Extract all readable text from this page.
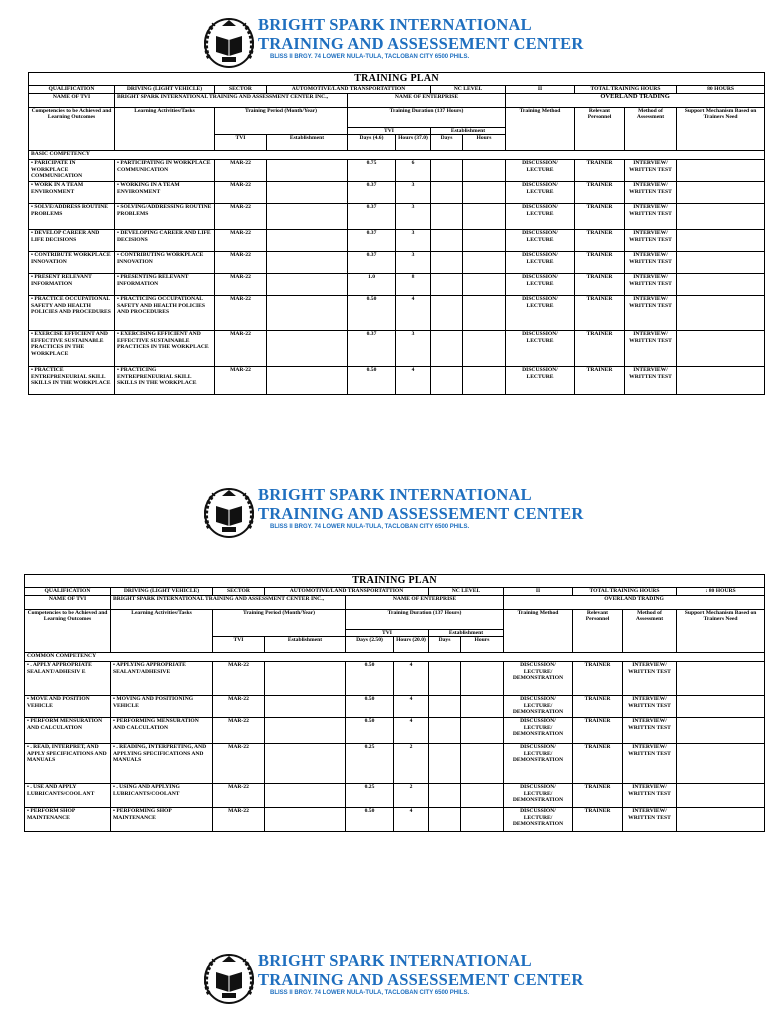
BRIGHT SPARK INTERNATIONAL
TRAINING AND ASSESSEMENT CENTER
BLISS II BRGY. 74 LOWER NULA-TULA, TACLOBAN CITY 6500 PHILS.
TRAINING PLAN											
QUALIFICATION	DRIVING (LIGHT VEHICLE)	SECTOR	AUTOMOTIVE/LAND TRANSPORTATTION			NC LEVEL		II	TOTAL TRAINING HOURS		80 HOURS
NAME OF TVI	BRIGHT SPARK INTERNATIONAL TRAINING AND ASSESSMENT CENTER INC.,			NAME OF ENTERPRISE				OVERLAND TRADING			
Competencies to be Achieved and Learning Outcomes	Learning Activities/Tasks	Training Period (Month/Year)		Training Duration (137 Hours)				Training Method	Relevant Personnel	Method of Assessment	Support Mechanism Based on Trainers Need
				TVI		Establishment					
		TVI	Establishment	Days (4.6)	Hours (37.0)	Days	Hours				
BASIC COMPETENCY											
• PARICIPATE IN WORKPLACE COMMUNICATION	• PARTICIPATING IN WORKPLACE COMMUNICATION	MAR-22		0.75	6			DISCUSSION/ LECTURE	TRAINER	INTERVIEW/ WRITTEN TEST	
• WORK IN A TEAM ENVIRONMENT	• WORKING IN A TEAM ENVIRONMENT	MAR-22		0.37	3			DISCUSSION/ LECTURE	TRAINER	INTERVIEW/ WRITTEN TEST	
• SOLVE/ADDRESS ROUTINE PROBLEMS	• SOLVING/ADDRESSING ROUTINE PROBLEMS	MAR-22		0.37	3			DISCUSSION/ LECTURE	TRAINER	INTERVIEW/ WRITTEN TEST	
• DEVELOP CAREER AND LIFE DECISIONS	• DEVELOPING CAREER AND LIFE DECISIONS	MAR-22		0.37	3			DISCUSSION/ LECTURE	TRAINER	INTERVIEW/ WRITTEN TEST	
• CONTRIBUTE WORKPLACE INNOVATION	• CONTRIBUTING WORKPLACE INNOVATION	MAR-22		0.37	3			DISCUSSION/ LECTURE	TRAINER	INTERVIEW/ WRITTEN TEST	
• PRESENT RELEVANT INFORMATION	• PRESENTING RELEVANT INFORMATION	MAR-22		1.0	8			DISCUSSION/ LECTURE	TRAINER	INTERVIEW/ WRITTEN TEST	
• PRACTICE OCCUPATIONAL SAFETY AND HEALTH POLICIES AND PROCEDURES	• PRACTICING OCCUPATIONAL SAFETY AND HEALTH POLICIES AND PROCEDURES	MAR-22		0.50	4			DISCUSSION/ LECTURE	TRAINER	INTERVIEW/ WRITTEN TEST	
• EXERCISE EFFICIENT AND EFFECTIVE SUSTAINABLE PRACTICES IN THE WORKPLACE	• EXERCISING EFFICIENT AND EFFECTIVE SUSTAINABLE PRACTICES IN THE WORKPLACE	MAR-22		0.37	3			DISCUSSION/ LECTURE	TRAINER	INTERVIEW/ WRITTEN TEST	
• PRACTICE ENTREPRENEURIAL SKILL SKILLS IN THE WORKPLACE	• PRACTICING ENTREPRENEURIAL SKILL SKILLS IN THE WORKPLACE	MAR-22		0.50	4			DISCUSSION/ LECTURE	TRAINER	INTERVIEW/ WRITTEN TEST	
BRIGHT SPARK INTERNATIONAL
TRAINING AND ASSESSEMENT CENTER
BLISS II BRGY. 74 LOWER NULA-TULA, TACLOBAN CITY 6500 PHILS.
TRAINING PLAN											
QUALIFICATION	DRIVING (LIGHT VEHICLE)	SECTOR	AUTOMOTIVE/LAND TRANSPORTATTION			NC LEVEL		II	TOTAL TRAINING HOURS		: 80 HOURS
NAME OF TVI	BRIGHT SPARK INTERNATIONAL TRAINING AND ASSESSMENT CENTER INC.,			NAME OF ENTERPRISE				OVERLAND TRADING			
Competencies to be Achieved and Learning Outcomes	Learning Activities/Tasks	Training Period (Month/Year)		Training Duration (137 Hours)				Training Method	Relevant Personnel	Method of Assessment	Support Mechanism Based on Trainers Need
				TVI		Establishment					
		TVI	Establishment	Days (2.50)	Hours (20.0)	Days	Hours				
COMMON COMPETENCY											
• . APPLY APPROPRIATE SEALANT/ADHESIV E	• APPLYING APPROPRIATE SEALANT/ADHESIVE	MAR-22		0.50	4			DISCUSSION/ LECTURE/ DEMONSTRATION	TRAINER	INTERVIEW/ WRITTEN TEST	
• MOVE AND POSITION VEHICLE	• MOVING AND POSITIONING VEHICLE	MAR-22		0.50	4			DISCUSSION/ LECTURE/ DEMONSTRATION	TRAINER	INTERVIEW/ WRITTEN TEST	
• PERFORM MENSURATION AND CALCULATION	• PERFORMING MENSURATION AND CALCULATION	MAR-22		0.50	4			DISCUSSION/ LECTURE/ DEMONSTRATION	TRAINER	INTERVIEW/ WRITTEN TEST	
• . READ, INTERPRET, AND APPLY SPECIFICATIONS AND MANUALS	• . READING, INTERPRETING, AND APPLYING SPECIFICATIONS AND MANUALS	MAR-22		0.25	2			DISCUSSION/ LECTURE/ DEMONSTRATION	TRAINER	INTERVIEW/ WRITTEN TEST	
• . USE AND APPLY LUBRICANTS/COOL ANT	• . USING AND APPLYING LUBRICANTS/COOLANT	MAR-22		0.25	2			DISCUSSION/ LECTURE/ DEMONSTRATION	TRAINER	INTERVIEW/ WRITTEN TEST	
• PERFORM SHOP MAINTENANCE	• PERFORMING SHOP MAINTENANCE	MAR-22		0.50	4			DISCUSSION/ LECTURE/ DEMONSTRATION	TRAINER	INTERVIEW/ WRITTEN TEST	
BRIGHT SPARK INTERNATIONAL
TRAINING AND ASSESSEMENT CENTER
BLISS II BRGY. 74 LOWER NULA-TULA, TACLOBAN CITY 6500 PHILS.
